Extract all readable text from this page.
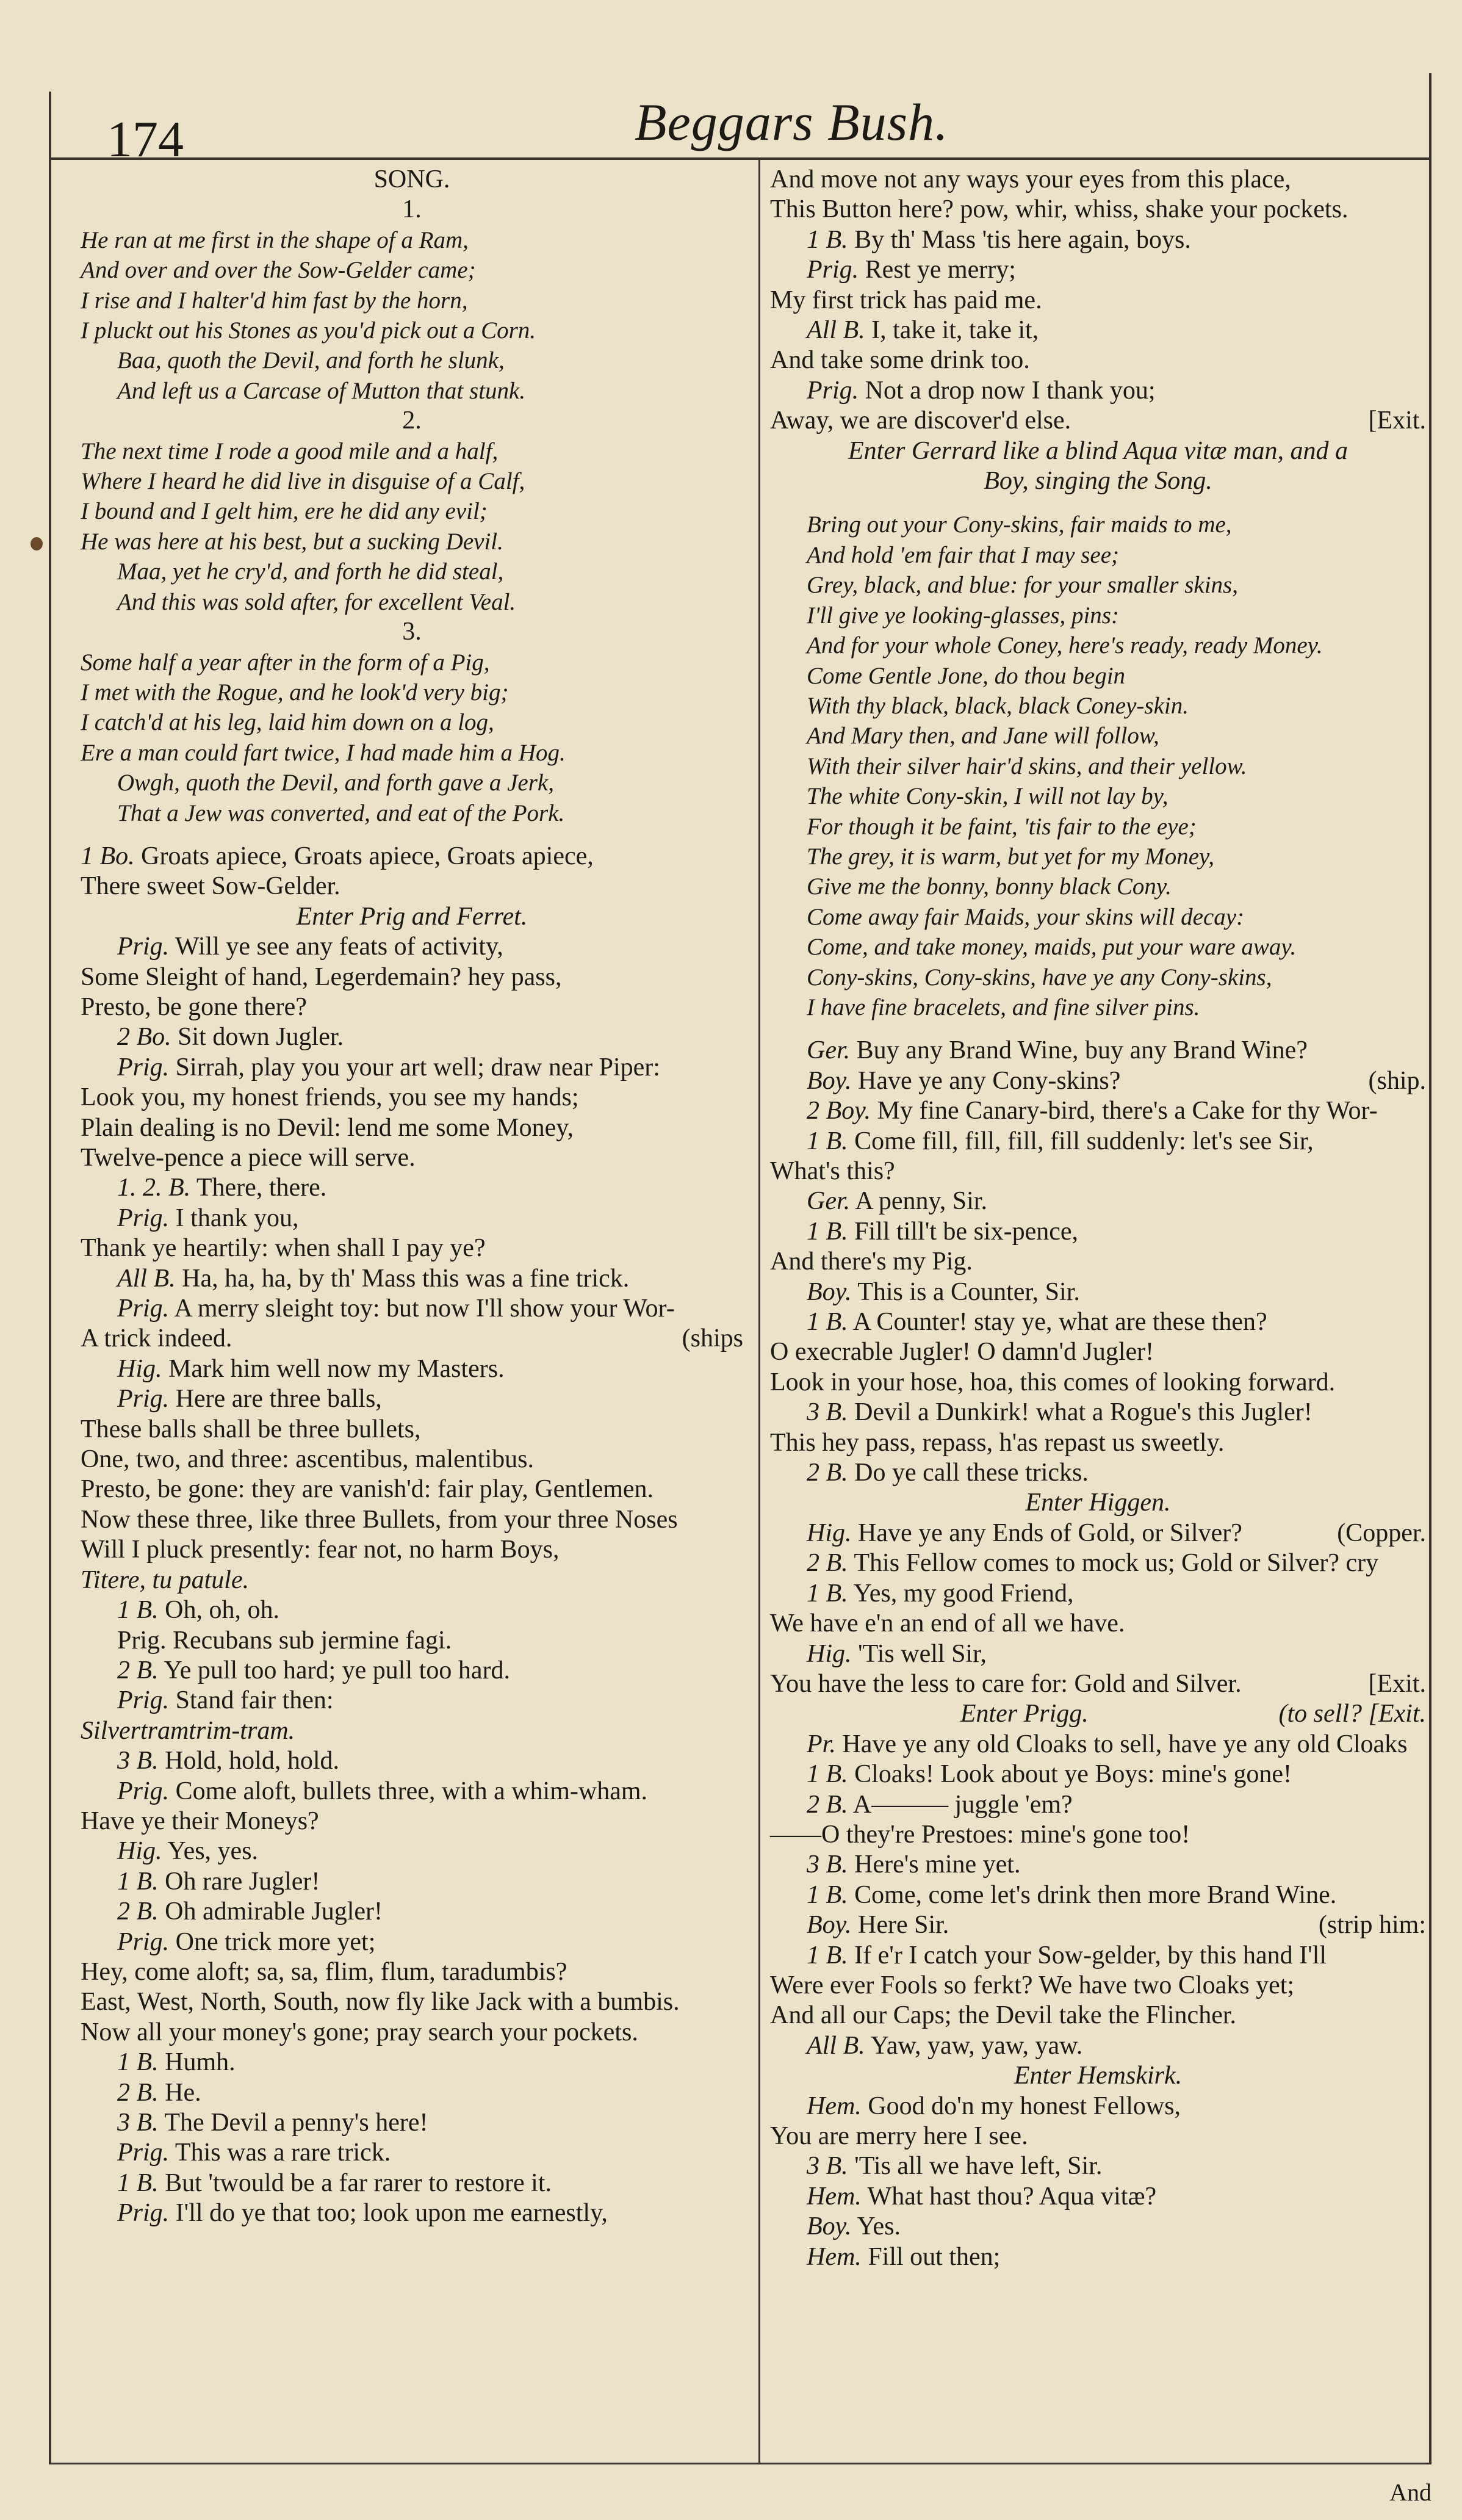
174	Beggars Bush.
SONG.
1.
He ran at me first in the shape of a Ram,
And over and over the Sow-Gelder came;
I rise and I halter'd him fast by the horn,
I pluckt out his Stones as you'd pick out a Corn.
Baa, quoth the Devil, and forth he slunk,
And left us a Carcase of Mutton that stunk.
2.
The next time I rode a good mile and a half,
Where I heard he did live in disguise of a Calf,
I bound and I gelt him, ere he did any evil;
He was here at his best, but a sucking Devil.
Maa, yet he cry'd, and forth he did steal,
And this was sold after, for excellent Veal.
3.
Some half a year after in the form of a Pig,
I met with the Rogue, and he look'd very big;
I catch'd at his leg, laid him down on a log,
Ere a man could fart twice, I had made him a Hog.
Owgh, quoth the Devil, and forth gave a Jerk,
That a Jew was converted, and eat of the Pork.
1 Bo. Groats apiece, Groats apiece, Groats apiece,
There sweet Sow-Gelder.
Enter Prig and Ferret.
Prig. Will ye see any feats of activity,
Some Sleight of hand, Legerdemain? hey pass,
Presto, be gone there?
2 Bo. Sit down Jugler.
Prig. Sirrah, play you your art well; draw near Piper:
Look you, my honest friends, you see my hands;
Plain dealing is no Devil: lend me some Money,
Twelve-pence a piece will serve.
1. 2. B. There, there.
Prig. I thank you,
Thank ye heartily: when shall I pay ye?
All B. Ha, ha, ha, by th' Mass this was a fine trick.
Prig. A merry sleight toy: but now I'll show your Wor-
(ships
A trick indeed.
Hig. Mark him well now my Masters.
Prig. Here are three balls,
These balls shall be three bullets,
One, two, and three: ascentibus, malentibus.
Presto, be gone: they are vanish'd: fair play, Gentlemen.
Now these three, like three Bullets, from your three Noses
Will I pluck presently: fear not, no harm Boys,
Titere, tu patule.
1 B. Oh, oh, oh.
Prig. Recubans sub jermine fagi.
2 B. Ye pull too hard; ye pull too hard.
Prig. Stand fair then:
Silvertramtrim-tram.
3 B. Hold, hold, hold.
Prig. Come aloft, bullets three, with a whim-wham.
Have ye their Moneys?
Hig. Yes, yes.
1 B. Oh rare Jugler!
2 B. Oh admirable Jugler!
Prig. One trick more yet;
Hey, come aloft; sa, sa, flim, flum, taradumbis?
East, West, North, South, now fly like Jack with a bumbis.
Now all your money's gone; pray search your pockets.
1 B. Humh.
2 B. He.
3 B. The Devil a penny's here!
Prig. This was a rare trick.
1 B. But 'twould be a far rarer to restore it.
Prig. I'll do ye that too; look upon me earnestly,
And move not any ways your eyes from this place,
This Button here? pow, whir, whiss, shake your pockets.
1 B. By th' Mass 'tis here again, boys.
Prig. Rest ye merry;
My first trick has paid me.
All B. I, take it, take it,
And take some drink too.
Prig. Not a drop now I thank you;
[Exit.
Away, we are discover'd else.
Enter Gerrard like a blind Aqua vitæ man, and a
Boy, singing the Song.
Bring out your Cony-skins, fair maids to me,
And hold 'em fair that I may see;
Grey, black, and blue: for your smaller skins,
I'll give ye looking-glasses, pins:
And for your whole Coney, here's ready, ready Money.
Come Gentle Jone, do thou begin
With thy black, black, black Coney-skin.
And Mary then, and Jane will follow,
With their silver hair'd skins, and their yellow.
The white Cony-skin, I will not lay by,
For though it be faint, 'tis fair to the eye;
The grey, it is warm, but yet for my Money,
Give me the bonny, bonny black Cony.
Come away fair Maids, your skins will decay:
Come, and take money, maids, put your ware away.
Cony-skins, Cony-skins, have ye any Cony-skins,
I have fine bracelets, and fine silver pins.
Ger. Buy any Brand Wine, buy any Brand Wine?
(ship.
Boy. Have ye any Cony-skins?
2 Boy. My fine Canary-bird, there's a Cake for thy Wor-
1 B. Come fill, fill, fill, fill suddenly: let's see Sir,
What's this?
Ger. A penny, Sir.
1 B. Fill till't be six-pence,
And there's my Pig.
Boy. This is a Counter, Sir.
1 B. A Counter! stay ye, what are these then?
O execrable Jugler! O damn'd Jugler!
Look in your hose, hoa, this comes of looking forward.
3 B. Devil a Dunkirk! what a Rogue's this Jugler!
This hey pass, repass, h'as repast us sweetly.
2 B. Do ye call these tricks.
Enter Higgen.
(Copper.
Hig. Have ye any Ends of Gold, or Silver?
2 B. This Fellow comes to mock us; Gold or Silver? cry
1 B. Yes, my good Friend,
We have e'n an end of all we have.
Hig. 'Tis well Sir,
[Exit.
You have the less to care for: Gold and Silver.
(to sell? [Exit.
Enter Prigg.
Pr. Have ye any old Cloaks to sell, have ye any old Cloaks
1 B. Cloaks! Look about ye Boys: mine's gone!
2 B. A——— juggle 'em?
——O they're Prestoes: mine's gone too!
3 B. Here's mine yet.
1 B. Come, come let's drink then more Brand Wine.
(strip him:
Boy. Here Sir.
1 B. If e'r I catch your Sow-gelder, by this hand I'll
Were ever Fools so ferkt? We have two Cloaks yet;
And all our Caps; the Devil take the Flincher.
All B. Yaw, yaw, yaw, yaw.
Enter Hemskirk.
Hem. Good do'n my honest Fellows,
You are merry here I see.
3 B. 'Tis all we have left, Sir.
Hem. What hast thou? Aqua vitæ?
Boy. Yes.
Hem. Fill out then;
And
